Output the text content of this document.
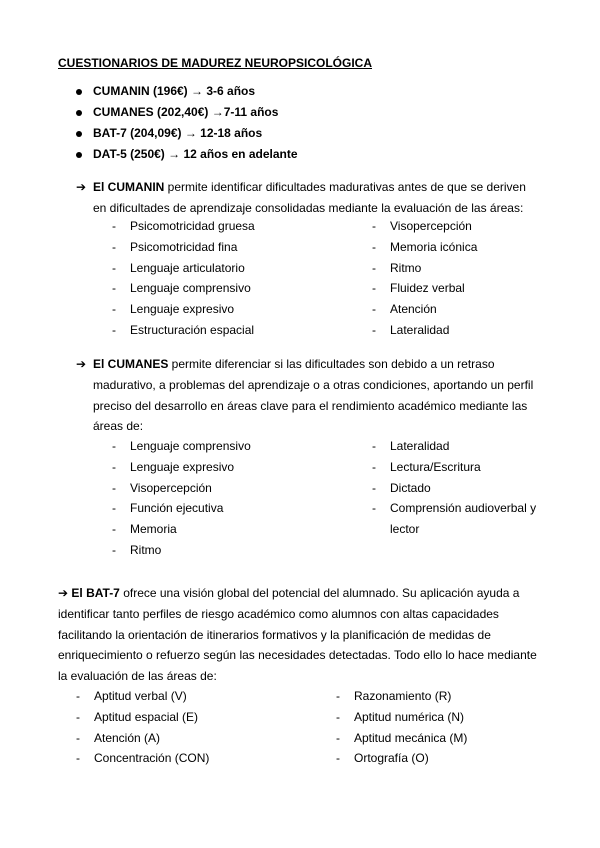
CUESTIONARIOS DE MADUREZ NEUROPSICOLÓGICA
CUMANIN (196€) → 3-6 años
CUMANES (202,40€) →7-11 años
BAT-7 (204,09€) → 12-18 años
DAT-5 (250€) → 12 años en adelante
➔ El CUMANIN permite identificar dificultades madurativas antes de que se deriven
en dificultades de aprendizaje consolidadas mediante la evaluación de las áreas:
- Psicomotricidad gruesa
- Psicomotricidad fina
- Lenguaje articulatorio
- Lenguaje comprensivo
- Lenguaje expresivo
- Estructuración espacial
- Visopercepción
- Memoria icónica
- Ritmo
- Fluidez verbal
- Atención
- Lateralidad
➔ El CUMANES permite diferenciar si las dificultades son debido a un retraso
madurativo, a problemas del aprendizaje o a otras condiciones, aportando un perfil
preciso del desarrollo en áreas clave para el rendimiento académico mediante las
áreas de:
- Lenguaje comprensivo
- Lenguaje expresivo
- Visopercepción
- Función ejecutiva
- Memoria
- Ritmo
- Lateralidad
- Lectura/Escritura
- Dictado
- Comprensión audioverbal y
lector
➔ El BAT-7 ofrece una visión global del potencial del alumnado. Su aplicación ayuda a
identificar tanto perfiles de riesgo académico como alumnos con altas capacidades
facilitando la orientación de itinerarios formativos y la planificación de medidas de
enriquecimiento o refuerzo según las necesidades detectadas. Todo ello lo hace mediante
la evaluación de las áreas de:
- Aptitud verbal (V)
- Aptitud espacial (E)
- Atención (A)
- Concentración (CON)
- Razonamiento (R)
- Aptitud numérica (N)
- Aptitud mecánica (M)
- Ortografía (O)
